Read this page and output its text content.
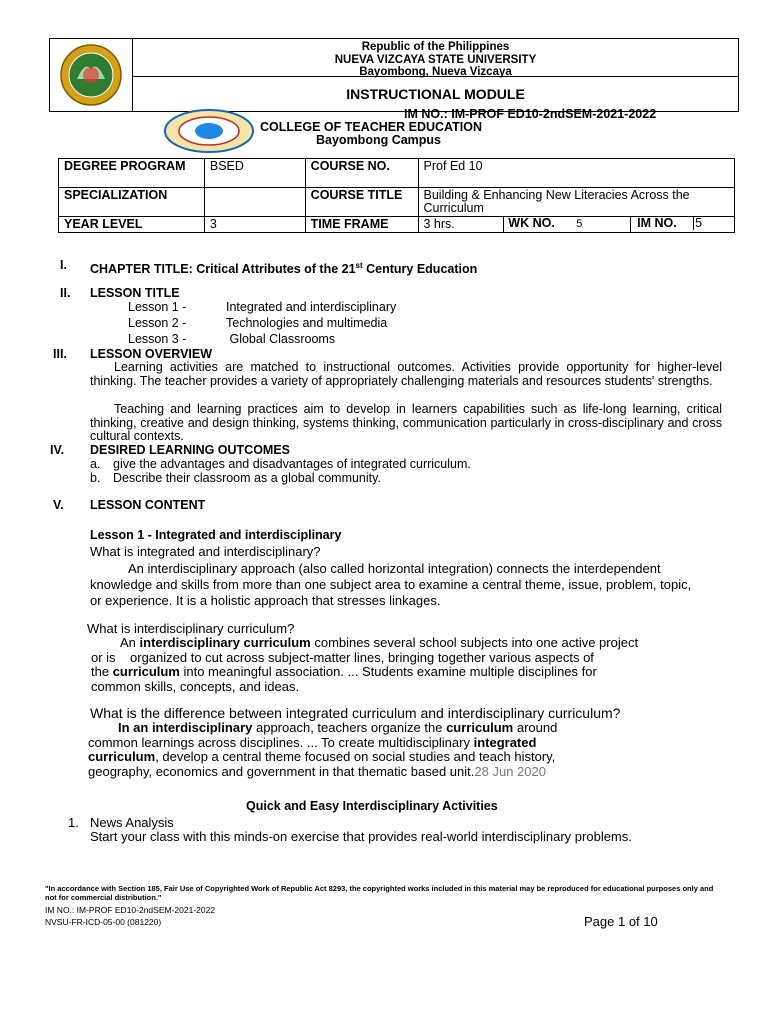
Republic of the Philippines
NUEVA VIZCAYA STATE UNIVERSITY
Bayombong, Nueva Vizcaya
INSTRUCTIONAL MODULE
IM NO.: IM-PROF ED10-2ndSEM-2021-2022
COLLEGE OF TEACHER EDUCATION
Bayombong Campus
DEGREE PROGRAM	BSED	COURSE NO.	Prof Ed 10		
SPECIALIZATION		COURSE TITLE	Building & Enhancing New Literacies Across the Curriculum		
YEAR LEVEL	3	TIME FRAME	3 hrs.	WK NO. 5	IM NO. 5
I. CHAPTER TITLE: Critical Attributes of the 21st Century Education
II. LESSON TITLE
Lesson 1 -	Integrated and interdisciplinary
Lesson 2 -	Technologies and multimedia
Lesson 3 -	Global Classrooms
III. LESSON OVERVIEW
Learning activities are matched to instructional outcomes. Activities provide opportunity for higher-level thinking. The teacher provides a variety of appropriately challenging materials and resources students' strengths.
Teaching and learning practices aim to develop in learners capabilities such as life-long learning, critical thinking, creative and design thinking, systems thinking, communication particularly in cross-disciplinary and cross cultural contexts.
IV. DESIRED LEARNING OUTCOMES
a. give the advantages and disadvantages of integrated curriculum.
b. Describe their classroom as a global community.
V. LESSON CONTENT
Lesson 1 - Integrated and interdisciplinary
What is integrated and interdisciplinary?
An interdisciplinary approach (also called horizontal integration) connects the interdependent knowledge and skills from more than one subject area to examine a central theme, issue, problem, topic, or experience. It is a holistic approach that stresses linkages.
What is interdisciplinary curriculum?
An interdisciplinary curriculum combines several school subjects into one active project
or is    organized to cut across subject-matter lines, bringing together various aspects of
the curriculum into meaningful association. ... Students examine multiple disciplines for
common skills, concepts, and ideas.
What is the difference between integrated curriculum and interdisciplinary curriculum?
In an interdisciplinary approach, teachers organize the curriculum around
common learnings across disciplines. ... To create multidisciplinary integrated
curriculum, develop a central theme focused on social studies and teach history,
geography, economics and government in that thematic based unit.28 Jun 2020
Quick and Easy Interdisciplinary Activities
1. News Analysis
Start your class with this minds-on exercise that provides real-world interdisciplinary problems.
"In accordance with Section 185, Fair Use of Copyrighted Work of Republic Act 8293, the copyrighted works included in this material may be reproduced for educational purposes only and not for commercial distribution."
IM NO.: IM-PROF ED10-2ndSEM-2021-2022
NVSU-FR-ICD-05-00 (081220)	Page 1 of 10
